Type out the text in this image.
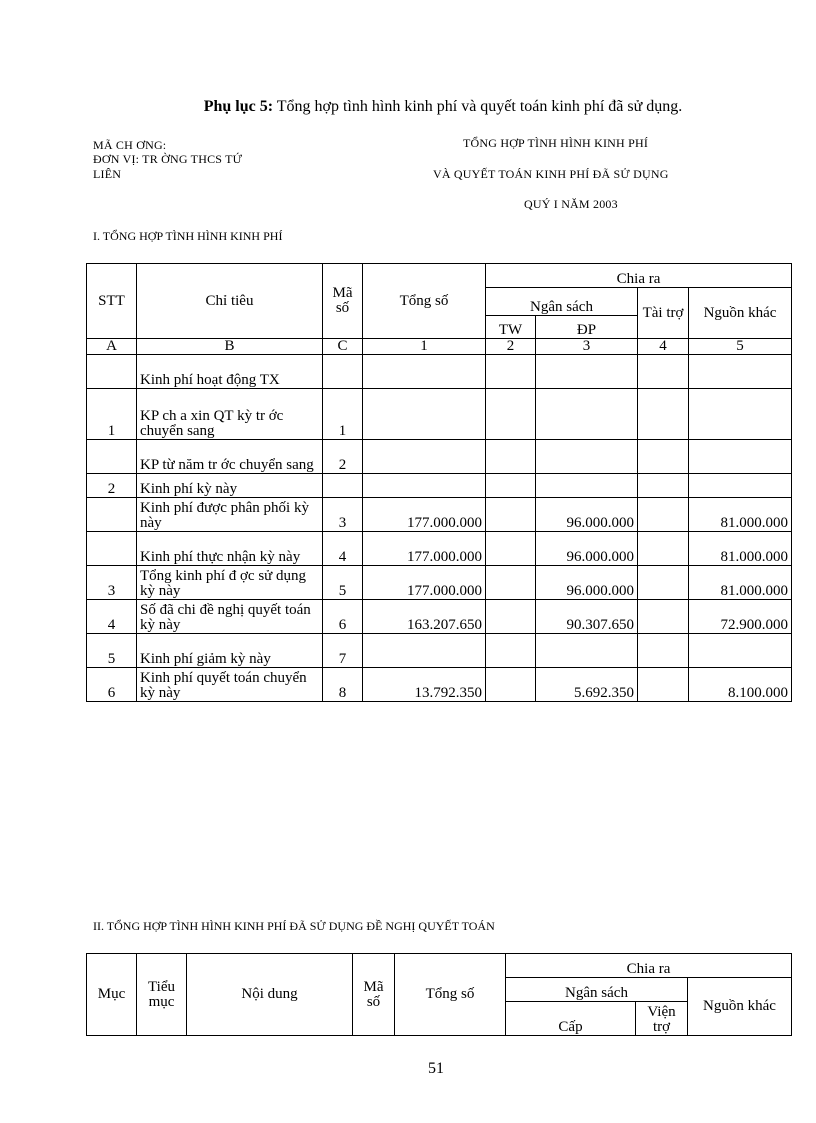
Phụ lục 5: Tổng hợp tình hình kinh phí và quyết toán kinh phí đã sử dụng.
MÃ CH ƠNG:
ĐƠN VỊ: TR ỜNG THCS TỨ
LIÊN
TỔNG HỢP TÌNH HÌNH KINH PHÍ
VÀ QUYẾT TOÁN KINH PHÍ ĐÃ SỬ DỤNG
QUÝ I NĂM 2003
I. TỔNG HỢP TÌNH HÌNH KINH PHÍ
STT	Chỉ tiêu	Mã số	Tổng số	Chia ra			
				Ngân sách		Tài trợ	Nguồn khác
				TW	ĐP		
A	B	C	1	2	3	4	5
	Kinh phí hoạt động TX						
1	KP ch a xin QT kỳ tr ớc chuyển sang	1					
	KP từ năm tr ớc chuyển sang	2					
2	Kinh phí kỳ này						
	Kinh phí được phân phối kỳ này	3	177.000.000		96.000.000		81.000.000
	Kinh phí thực nhận kỳ này	4	177.000.000		96.000.000		81.000.000
3	Tổng kinh phí đ ợc sử dụng kỳ này	5	177.000.000		96.000.000		81.000.000
4	Số đã chi đề nghị quyết toán kỳ này	6	163.207.650		90.307.650		72.900.000
5	Kinh phí giảm kỳ này	7					
6	Kinh phí quyết toán chuyển kỳ này	8	13.792.350		5.692.350		8.100.000
II. TỔNG HỢP TÌNH HÌNH KINH PHÍ ĐÃ SỬ DỤNG ĐỀ NGHỊ QUYẾT TOÁN
Mục	Tiểu mục	Nội dung	Mã số	Tổng số	Chia ra		
					Ngân sách		Nguồn khác
					Cấp	Viện trợ	
51
